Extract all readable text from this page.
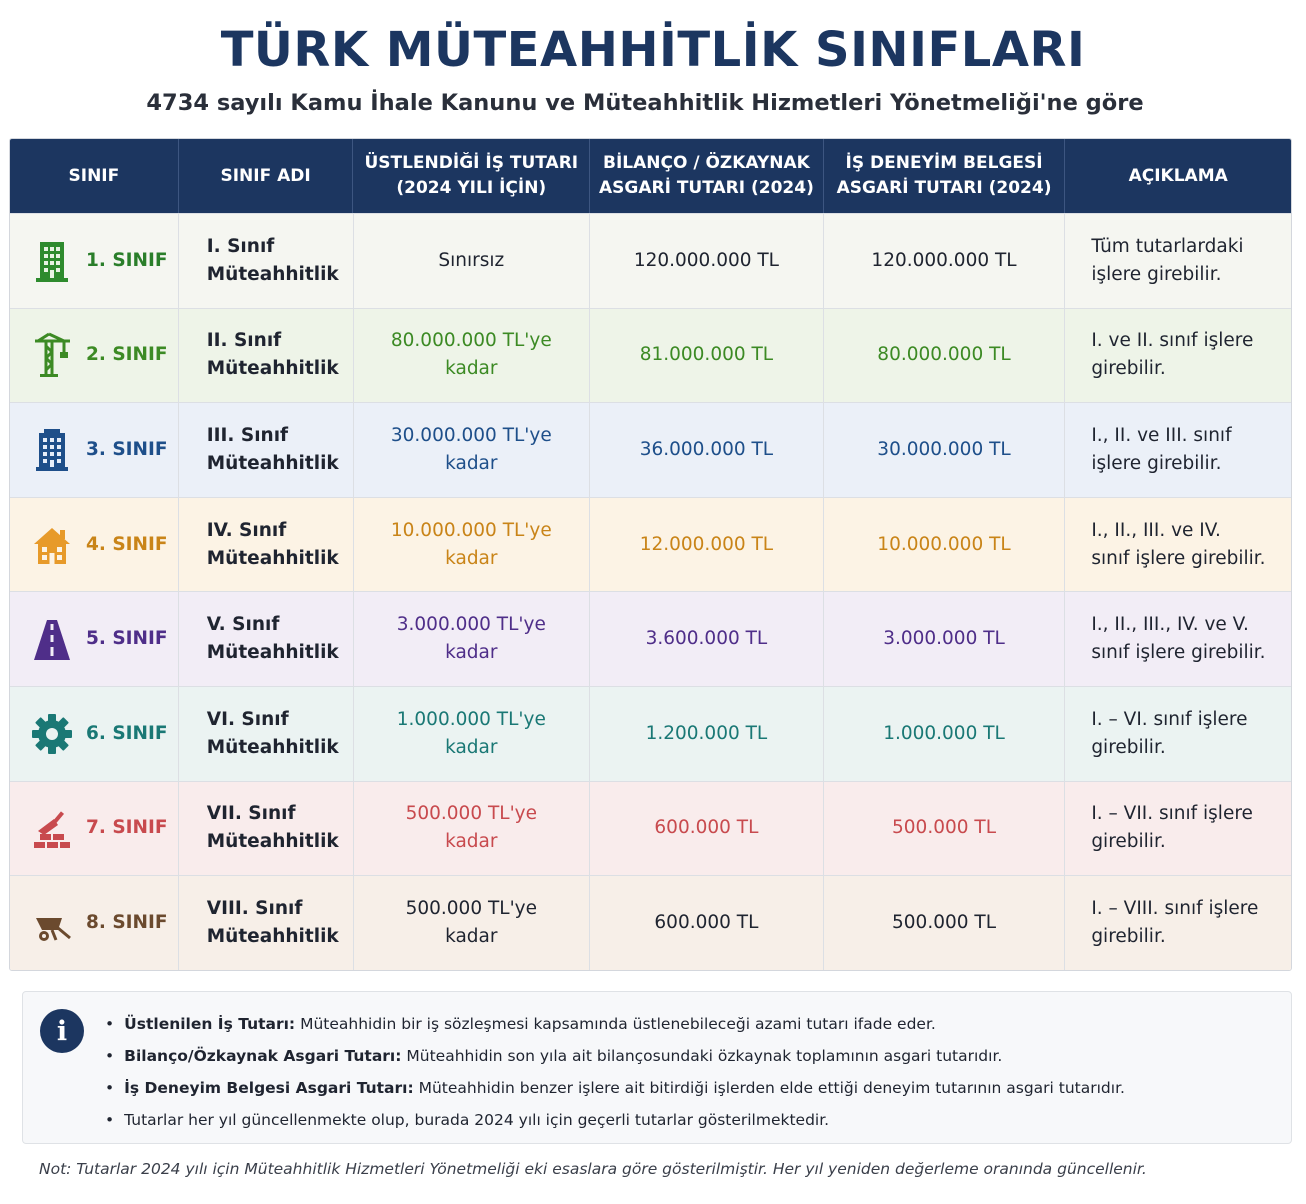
TÜRK MÜTEAHHİTLİK SINIFLARI
4734 sayılı Kamu İhale Kanunu ve Müteahhitlik Hizmetleri Yönetmeliği'ne göre
SINIF	SINIF ADI
ÜSTLENDİĞİ İŞ TUTARI
(2024 YILI İÇİN)
BİLANÇO / ÖZKAYNAK
ASGARİ TUTARI (2024)
İŞ DENEYİM BELGESİ
ASGARİ TUTARI (2024)
AÇIKLAMA
1. SINIF
I. Sınıf
Müteahhitlik
Sınırsız	120.000.000 TL	120.000.000 TL
Tüm tutarlardaki
işlere girebilir.
2. SINIF
II. Sınıf
Müteahhitlik
80.000.000 TL'ye
kadar
81.000.000 TL	80.000.000 TL
I. ve II. sınıf işlere
girebilir.
3. SINIF
III. Sınıf
Müteahhitlik
30.000.000 TL'ye
kadar
36.000.000 TL	30.000.000 TL
I., II. ve III. sınıf
işlere girebilir.
4. SINIF
IV. Sınıf
Müteahhitlik
10.000.000 TL'ye
kadar
12.000.000 TL	10.000.000 TL
I., II., III. ve IV.
sınıf işlere girebilir.
5. SINIF
V. Sınıf
Müteahhitlik
3.000.000 TL'ye
kadar
3.600.000 TL	3.000.000 TL
I., II., III., IV. ve V.
sınıf işlere girebilir.
6. SINIF
VI. Sınıf
Müteahhitlik
1.000.000 TL'ye
kadar
1.200.000 TL	1.000.000 TL
I. – VI. sınıf işlere
girebilir.
7. SINIF
VII. Sınıf
Müteahhitlik
500.000 TL'ye
kadar
600.000 TL	500.000 TL
I. – VII. sınıf işlere
girebilir.
8. SINIF
VIII. Sınıf
Müteahhitlik
500.000 TL'ye
kadar
600.000 TL	500.000 TL
I. – VIII. sınıf işlere
girebilir.
i
•	Üstlenilen İş Tutarı: Müteahhidin bir iş sözleşmesi kapsamında üstlenebileceği azami tutarı ifade eder.
• Bilanço/Özkaynak Asgari Tutarı: Müteahhidin son yıla ait bilançosundaki özkaynak toplamının asgari tutarıdır.
• İş Deneyim Belgesi Asgari Tutarı: Müteahhidin benzer işlere ait bitirdiği işlerden elde ettiği deneyim tutarının asgari tutarıdır.
• Tutarlar her yıl güncellenmekte olup, burada 2024 yılı için geçerli tutarlar gösterilmektedir.
Not: Tutarlar 2024 yılı için Müteahhitlik Hizmetleri Yönetmeliği eki esaslara göre gösterilmiştir. Her yıl yeniden değerleme oranında güncellenir.
